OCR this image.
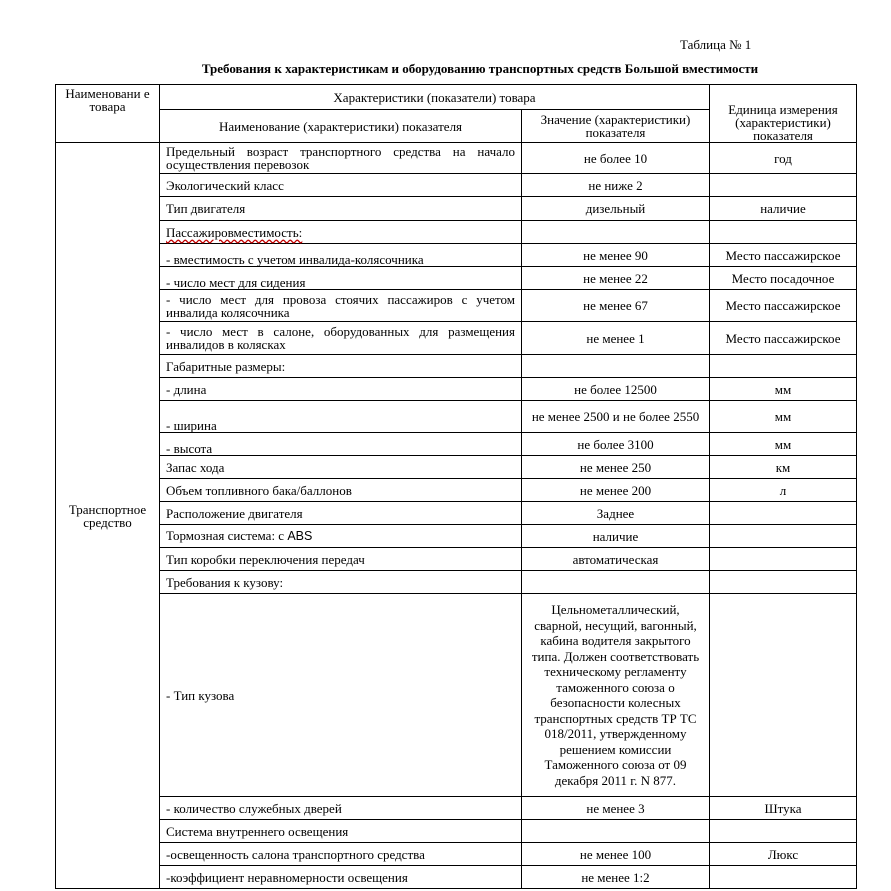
Таблица № 1
Требования к характеристикам и оборудованию транспортных средств Большой вместимости
Наименовани е товара	Характеристики (показатели) товара		Единица измерения (характеристики) показателя
	Наименование (характеристики) показателя	Значение (характеристики) показателя	
Транспортное средство	Предельный возраст транспортного средства на начало осуществления перевозок	не более 10	год
	Экологический класс	не ниже 2	
	Тип двигателя	дизельный	наличие
	Пассажировместимость:		
	- вместимость с учетом инвалида-колясочника	не менее 90	Место пассажирское
	- число мест для сидения	не менее 22	Место посадочное
	- число мест для провоза стоячих пассажиров с учетом инвалида колясочника	не менее 67	Место пассажирское
	- число мест в салоне, оборудованных для размещения инвалидов в колясках	не менее 1	Место пассажирское
	Габаритные размеры:		
	- длина	не более 12500	мм
	- ширина	не менее 2500 и не более 2550	мм
	- высота	не более 3100	мм
	Запас хода	не менее 250	км
	Объем топливного бака/баллонов	не менее 200	л
	Расположение двигателя	Заднее	
	Тормозная система: с ABS	наличие	
	Тип коробки переключения передач	автоматическая	
	Требования к кузову:		
	- Тип кузова	Цельнометаллический, сварной, несущий, вагонный, кабина водителя закрытого типа. Должен соответствовать техническому регламенту таможенного союза о безопасности колесных транспортных средств ТР ТС 018/2011, утвержденному решением комиссии Таможенного союза от 09 декабря 2011 г. N 877.	
	- количество служебных дверей	не менее 3	Штука
	Система внутреннего освещения		
	-освещенность салона транспортного средства	не менее 100	Люкс
	-коэффициент неравномерности освещения	не менее 1:2	
